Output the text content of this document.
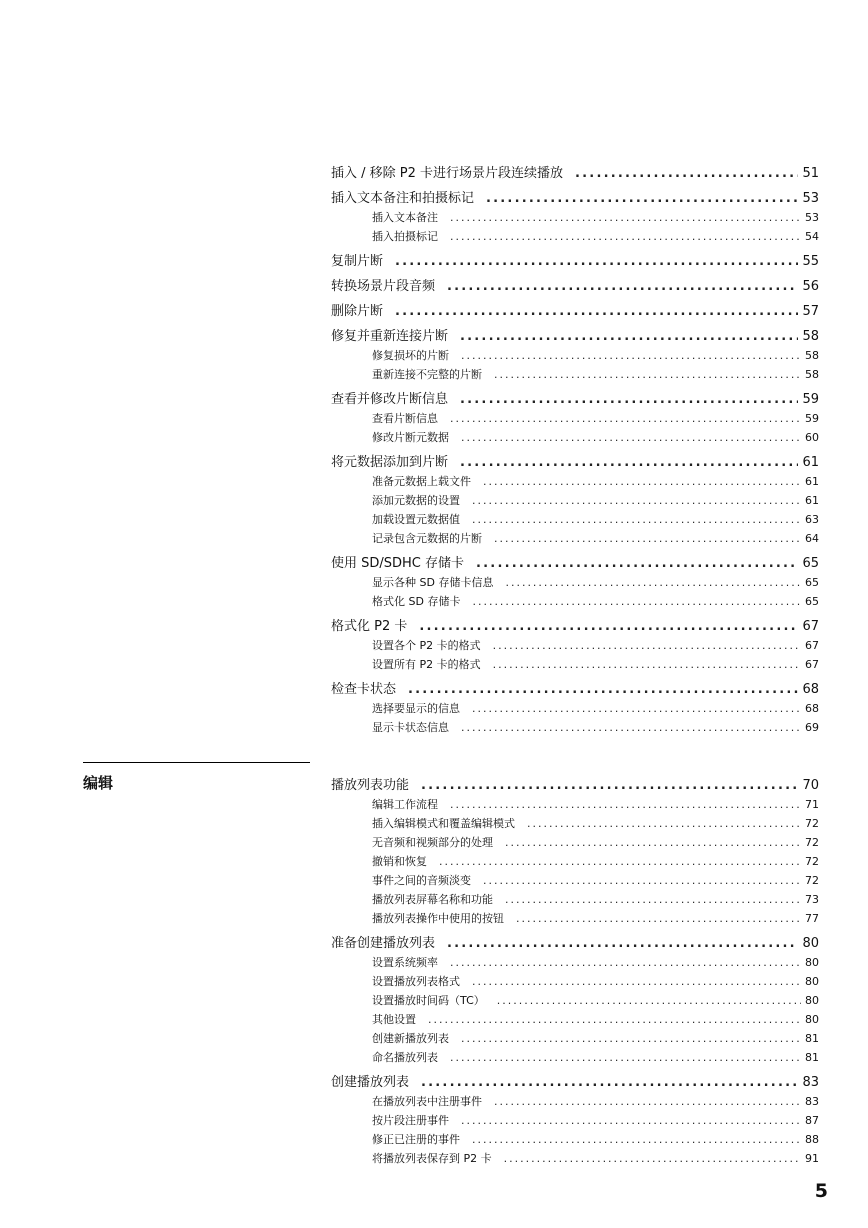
插入 / 移除 P2 卡进行场景片段连续播放 .....	51
插入文本备注和拍摄标记 .....	53
插入文本备注 .....	53
插入拍摄标记 .....	54
复制片断 .....	55
转换场景片段音频 .....	56
删除片断 .....	57
修复并重新连接片断 .....	58
修复损坏的片断 .....	58
重新连接不完整的片断 .....	58
查看并修改片断信息 .....	59
查看片断信息 .....	59
修改片断元数据 .....	60
将元数据添加到片断 .....	61
准备元数据上载文件 .....	61
添加元数据的设置 .....	61
加载设置元数据值 .....	63
记录包含元数据的片断 .....	64
使用 SD/SDHC 存储卡 .....	65
显示各种 SD 存储卡信息 .....	65
格式化 SD 存储卡 .....	65
格式化 P2 卡 .....	67
设置各个 P2 卡的格式 .....	67
设置所有 P2 卡的格式 .....	67
检查卡状态 .....	68
选择要显示的信息 .....	68
显示卡状态信息 .....	69
编辑	播放列表功能 .....	70
编辑工作流程 .....	71
插入编辑模式和覆盖编辑模式 .....	72
无音频和视频部分的处理 .....	72
撤销和恢复 .....	72
事件之间的音频淡变 .....	72
播放列表屏幕名称和功能 .....	73
播放列表操作中使用的按钮 .....	77
准备创建播放列表 .....	80
设置系统频率 .....	80
设置播放列表格式 .....	80
设置播放时间码（TC） .....	80
其他设置 .....	80
创建新播放列表 .....	81
命名播放列表 .....	81
创建播放列表 .....	83
在播放列表中注册事件 .....	83
按片段注册事件 .....	87
修正已注册的事件 .....	88
将播放列表保存到 P2 卡 .....	91
5
